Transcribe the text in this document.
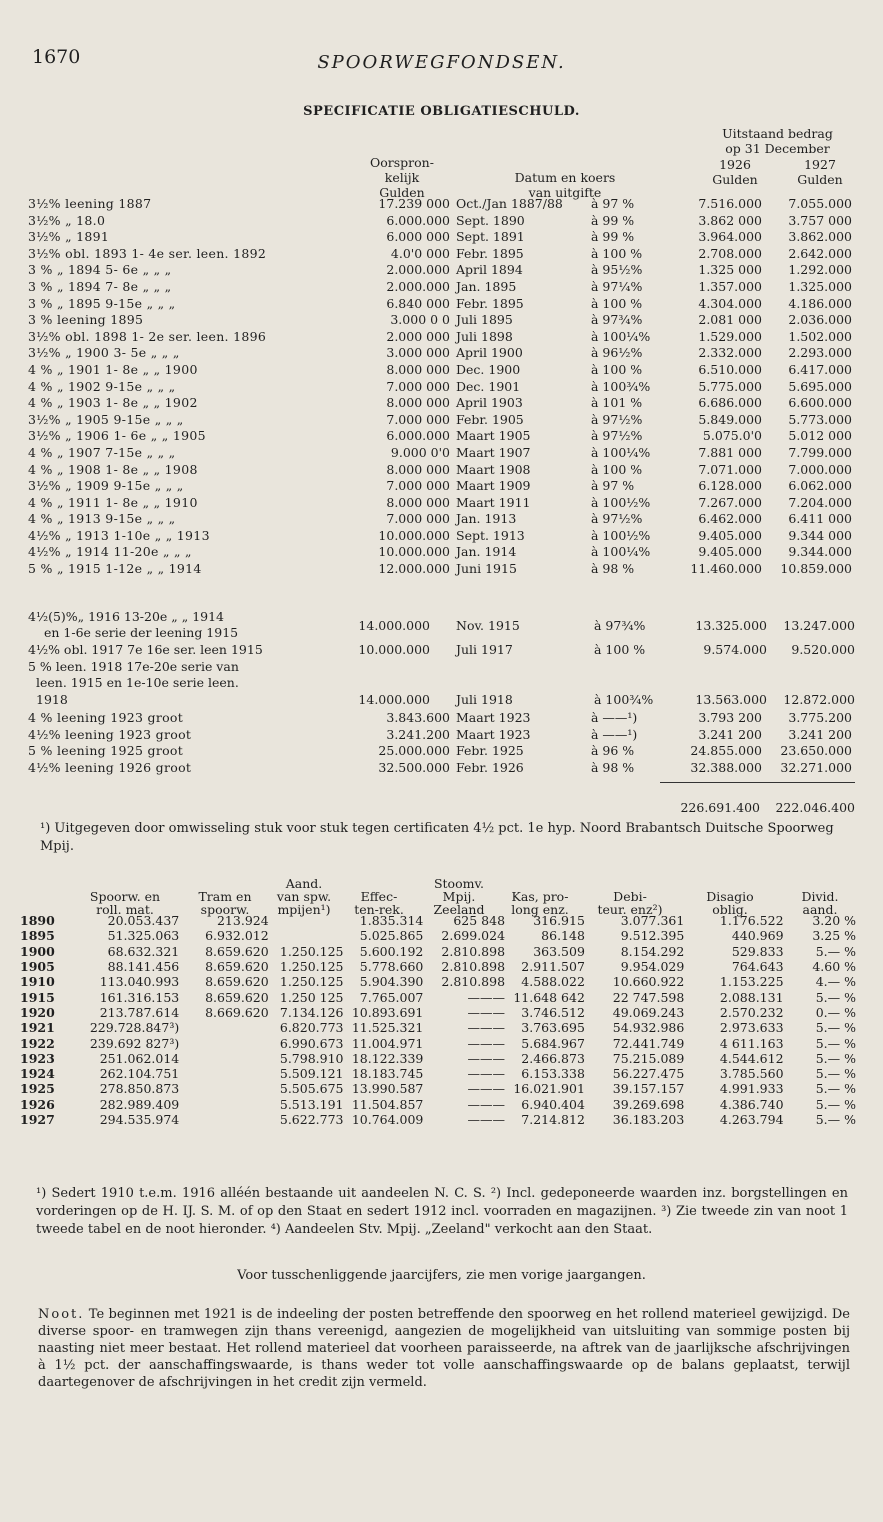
1670	SPOORWEGFONDSEN.
SPECIFICATIE OBLIGATIESCHULD.
Oorspron-
kelijk
Gulden
Datum en koers
van uitgifte
Uitstaand bedrag
op 31 December
1926
Gulden
1927
Gulden
3½% leening 1887	17.239 000	Oct./Jan 1887/88	à 97 %	7.516.000	7.055.000
3½% „ 18.0	6.000.000	Sept. 1890	à 99 %	3.862 000	3.757 000
3½% „ 1891	6.000 000	Sept. 1891	à 99 %	3.964.000	3.862.000
3½% obl. 1893 1- 4e ser. leen. 1892	4.0'0 000	Febr. 1895	à 100 %	2.708.000	2.642.000
3 % „ 1894 5- 6e „ „ „	2.000.000	April 1894	à 95½%	1.325 000	1.292.000
3 % „ 1894 7- 8e „ „ „	2.000.000	Jan. 1895	à 97¼%	1.357.000	1.325.000
3 % „ 1895 9-15e „ „ „	6.840 000	Febr. 1895	à 100 %	4.304.000	4.186.000
3 % leening 1895	3.000 0 0	Juli 1895	à 97¾%	2.081 000	2.036.000
3½% obl. 1898 1- 2e ser. leen. 1896	2.000 000	Juli 1898	à 100¼%	1.529.000	1.502.000
3½% „ 1900 3- 5e „ „ „	3.000 000	April 1900	à 96½%	2.332.000	2.293.000
4 % „ 1901 1- 8e „ „ 1900	8.000 000	Dec. 1900	à 100 %	6.510.000	6.417.000
4 % „ 1902 9-15e „ „ „	7.000 000	Dec. 1901	à 100¾%	5.775.000	5.695.000
4 % „ 1903 1- 8e „ „ 1902	8.000 000	April 1903	à 101 %	6.686.000	6.600.000
3½% „ 1905 9-15e „ „ „	7.000 000	Febr. 1905	à 97½%	5.849.000	5.773.000
3½% „ 1906 1- 6e „ „ 1905	6.000.000	Maart 1905	à 97½%	5.075.0'0	5.012 000
4 % „ 1907 7-15e „ „ „	9.000 0'0	Maart 1907	à 100¼%	7.881 000	7.799.000
4 % „ 1908 1- 8e „ „ 1908	8.000 000	Maart 1908	à 100 %	7.071.000	7.000.000
3½% „ 1909 9-15e „ „ „	7.000 000	Maart 1909	à 97 %	6.128.000	6.062.000
4 % „ 1911 1- 8e „ „ 1910	8.000 000	Maart 1911	à 100½%	7.267.000	7.204.000
4 % „ 1913 9-15e „ „ „	7.000 000	Jan. 1913	à 97½%	6.462.000	6.411 000
4½% „ 1913 1-10e „ „ 1913	10.000.000	Sept. 1913	à 100½%	9.405.000	9.344 000
4½% „ 1914 11-20e „ „ „	10.000.000	Jan. 1914	à 100¼%	9.405.000	9.344.000
5 % „ 1915 1-12e „ „ 1914	12.000.000	Juni 1915	à 98 %	11.460.000	10.859.000
4½(5)%„ 1916 13-20e „ „ 1914
en 1-6e serie der leening 1915	14.000.000 Nov. 1915	à 97¾%	13.325.000	13.247.000
4½% obl. 1917 7e 16e ser. leen 1915	10.000.000 Juli 1917	à 100 %	9.574.000	9.520.000
5 % leen. 1918 17e-20e serie van
leen. 1915 en 1e-10e serie leen.
1918	14.000.000 Juli 1918	à 100¾%	13.563.000	12.872.000
4 % leening 1923 groot	3.843.600	Maart 1923	à ——¹)	3.793 200	3.775.200
4½% leening 1923 groot	3.241.200	Maart 1923	à ——¹)	3.241 200	3.241 200
5 % leening 1925 groot	25.000.000	Febr. 1925	à 96 %	24.855.000	23.650.000
4½% leening 1926 groot	32.500.000	Febr. 1926	à 98 %	32.388.000	32.271.000
226.691.400	222.046.400
¹) Uitgegeven door omwisseling stuk voor stuk tegen certificaten 4½ pct. 1e hyp. Noord Brabantsch Duitsche Spoorweg Mpij.

Spoorw. en
roll. mat.

Tram en
spoorw.
Aand.
van spw.
mpijen¹)

Effec-
ten-rek.
Stoomv.
Mpij.
Zeeland

Kas, pro-
long enz.

Debi-
teur. enz²)

Disagio
oblig.

Divid.
aand.
1890	20.053.437	213.924		1.835.314	625 848	316.915	3.077.361	1.176.522	3.20 %
1895	51.325.063	6.932.012		5.025.865	2.699.024	86.148	9.512.395	440.969	3.25 %
1900	68.632.321	8.659.620	1.250.125	5.600.192	2.810.898	363.509	8.154.292	529.833	5.— %
1905	88.141.456	8.659.620	1.250.125	5.778.660	2.810.898	2.911.507	9.954.029	764.643	4.60 %
1910	113.040.993	8.659.620	1.250.125	5.904.390	2.810.898	4.588.022	10.660.922	1.153.225	4.— %
1915	161.316.153	8.659.620	1.250 125	7.765.007	———	11.648 642	22 747.598	2.088.131	5.— %
1920	213.787.614	8.669.620	7.134.126	10.893.691	———	3.746.512	49.069.243	2.570.232	0.— %
1921	229.728.847³)		6.820.773	11.525.321	———	3.763.695	54.932.986	2.973.633	5.— %
1922	239.692 827³)		6.990.673	11.004.971	———	5.684.967	72.441.749	4 611.163	5.— %
1923	251.062.014		5.798.910	18.122.339	———	2.466.873	75.215.089	4.544.612	5.— %
1924	262.104.751		5.509.121	18.183.745	———	6.153.338	56.227.475	3.785.560	5.— %
1925	278.850.873		5.505.675	13.990.587	———	16.021.901	39.157.157	4.991.933	5.— %
1926	282.989.409		5.513.191	11.504.857	———	6.940.404	39.269.698	4.386.740	5.— %
1927	294.535.974		5.622.773	10.764.009	———	7.214.812	36.183.203	4.263.794	5.— %
¹) Sedert 1910 t.e.m. 1916 alléén bestaande uit aandeelen N. C. S. ²) Incl. gedeponeerde waarden inz. borgstellingen en vorderingen op de H. IJ. S. M. of op den Staat en sedert 1912 incl. voorraden en magazijnen. ³) Zie tweede zin van noot 1 tweede tabel en de noot hieronder. ⁴) Aandeelen Stv. Mpij. „Zeeland" verkocht aan den Staat.
Voor tusschenliggende jaarcijfers, zie men vorige jaargangen.
Noot. Te beginnen met 1921 is de indeeling der posten betreffende den spoorweg en het rollend materieel gewijzigd. De diverse spoor- en tramwegen zijn thans vereenigd, aangezien de mogelijkheid van uitsluiting van sommige posten bij naasting niet meer bestaat. Het rollend materieel dat voorheen paraisseerde, na aftrek van de jaarlijksche afschrijvingen à 1½ pct. der aanschaffingswaarde, is thans weder tot volle aanschaffingswaarde op de balans geplaatst, terwijl daartegenover de afschrijvingen in het credit zijn vermeld.
